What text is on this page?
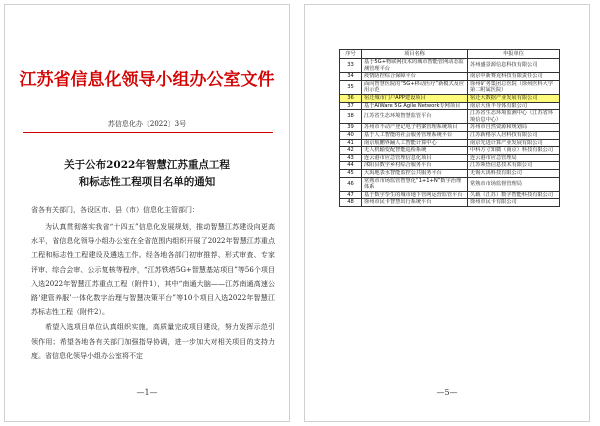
江苏省信息化领导小组办公室文件
苏信息化办〔2022〕3号
关于公布2022年智慧江苏重点工程
和标志性工程项目名单的通知
省各有关部门，各设区市、县（市）信息化主管部门：

为认真贯彻落实我省“十四五”信息化发展规划，推动智慧江苏建设向更高水平，省信息化领导小组办公室在全省范围内组织开展了2022年智慧江苏重点工程和标志性工程建设及遴选工作。经各地各部门初审推荐、形式审查、专家评审、综合会审、公示复核等程序，“江苏铁塔5G+智慧基站项目”等56个项目入选2022年智慧江苏重点工程（附件1），其中“南通大脑——江苏南通高速公路‘建管养服’一体化数字治理与智慧决策平台”等10个项目入选2022年智慧江苏标志性工程（附件2）。

希望入选项目单位认真组织实施，高质量完成项目建设，努力发挥示范引领作用；希望各地各有关部门加强指导协调，进一步加大对相关项目的支持力度。省信息化领导小组办公室将不定

—1—
序号	项目名称	申报单位
33	基于5G+物联网技术的城市智能管网动态监测管理平台	苏州盛景源信息科技有限公司
34	疫情防控综合保障平台	南京中新赛克科技有限责任公司
35	面向智慧医院的“5G+移动医疗”新模式及应用示范	徐州矿务集团总医院（徐州医科大学第二附属医院）
36	宿迁城市门户APP建设项目	宿迁大数据产业发展有限公司
37	基于AIWare 5G Agile Network专网项目	南京大鱼半导体有限公司
38	江苏省生态环境智慧监管平台	江苏省生态环境监测中心（江苏省环境信息中心）
39	苏州市不动产登记电子档案管理系统项目	苏州市自然资源和规划局
40	基于人工智能的社会服务管理系统平台	江苏新格尔人居科技有限公司
41	南京航鹏界踊人工智能计算中心	南京先进计算产业发展有限公司
42	无人机输变配智能巡检系统	中科方寸知微（南京）科技有限公司
43	连云港市应急管理信息化项目	连云港市应急管理局
44	沭阳县数字乡村综合服务平台	江苏领悟信息技术有限公司
45	大禹地表水智能监控公共服务平台	无锡大禹科技有限公司
46	常熟市市场监管智慧化“1+1+N”数字治理体系	常熟市市场监督管理局
47	基于数字孪生的城市地下管网运营监管平台	久载（江苏）数字智能科技有限公司
48	徐州市民卡智慧出行系统平台	徐州市民卡有限公司
—5—
